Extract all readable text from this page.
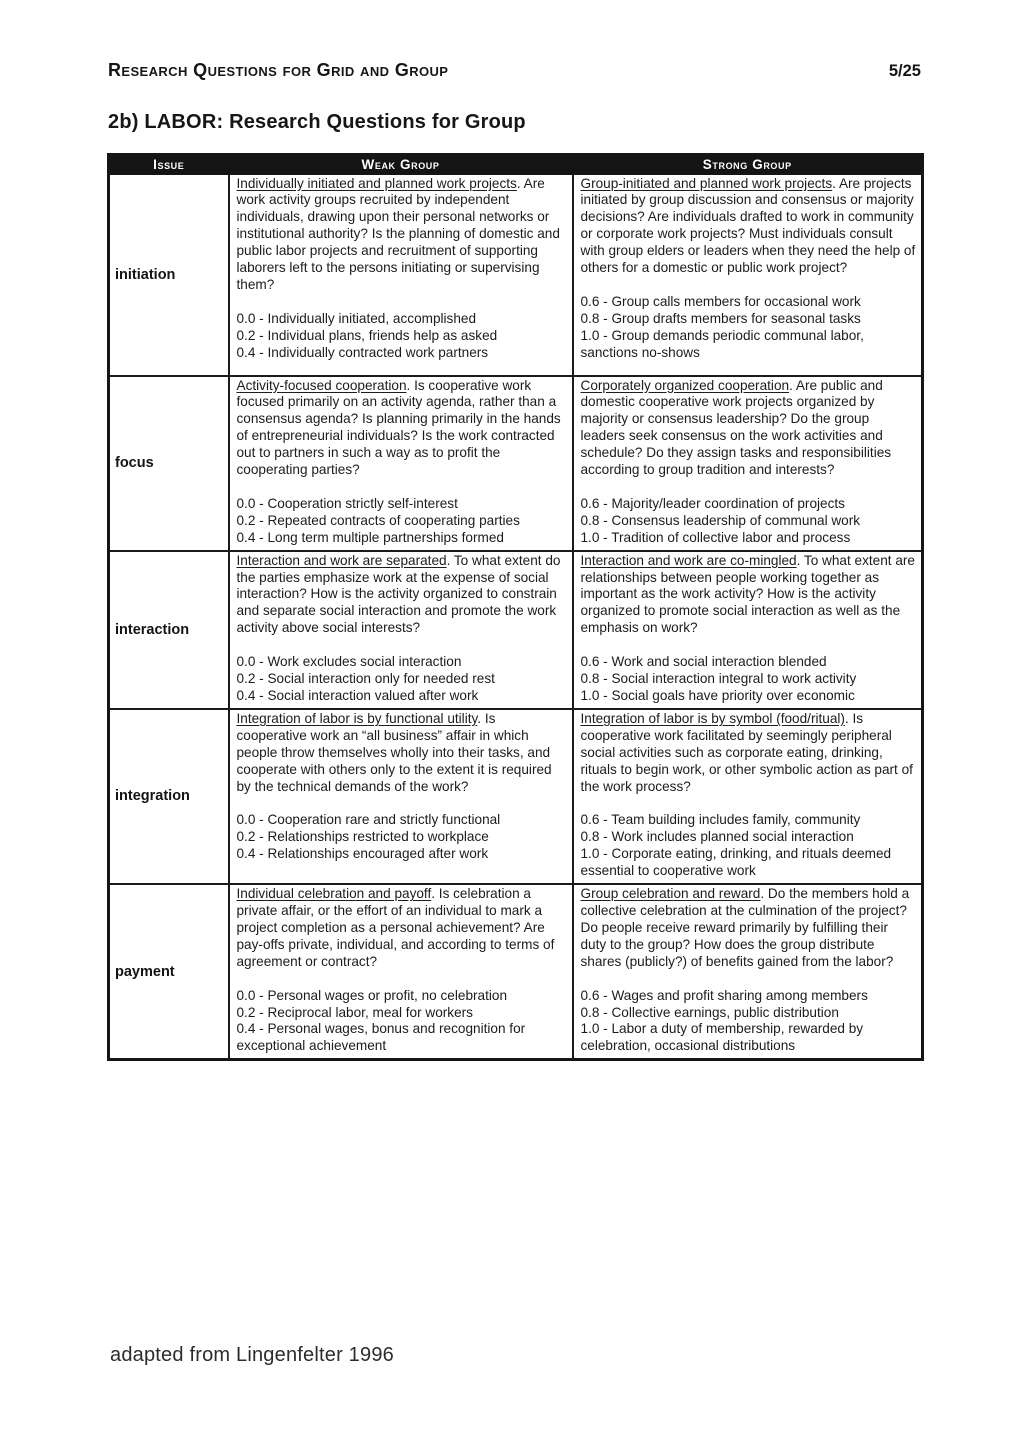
Research Questions for Grid and Group	5/25
2b) LABOR: Research Questions for Group
Issue	Weak Group	Strong Group
initiation	
Individually initiated and planned work projects. Are work activity groups recruited by independent individuals, drawing upon their personal networks or institutional authority? Is the planning of domestic and public labor projects and recruitment of supporting laborers left to the persons initiating or supervising them?
0.0 - Individually initiated, accomplished
0.2 - Individual plans, friends help as asked
0.4 - Individually contracted work partners

Group-initiated and planned work projects. Are projects initiated by group discussion and consensus or majority decisions? Are individuals drafted to work in community or corporate work projects? Must individuals consult with group elders or leaders when they need the help of others for a domestic or public work project?
0.6 - Group calls members for occasional work
0.8 - Group drafts members for seasonal tasks
1.0 - Group demands periodic communal labor, sanctions no-shows

focus	
Activity-focused cooperation. Is cooperative work focused primarily on an activity agenda, rather than a consensus agenda? Is planning primarily in the hands of entrepreneurial individuals? Is the work contracted out to partners in such a way as to profit the cooperating parties?
0.0 - Cooperation strictly self-interest
0.2 - Repeated contracts of cooperating parties
0.4 - Long term multiple partnerships formed

Corporately organized cooperation. Are public and domestic cooperative work projects organized by majority or consensus leadership? Do the group leaders seek consensus on the work activities and schedule? Do they assign tasks and responsibilities according to group tradition and interests?
0.6 - Majority/leader coordination of projects
0.8 - Consensus leadership of communal work
1.0 - Tradition of collective labor and process

interaction	
Interaction and work are separated. To what extent do the parties emphasize work at the expense of social interaction? How is the activity organized to constrain and separate social interaction and promote the work activity above social interests?
0.0 - Work excludes social interaction
0.2 - Social interaction only for needed rest
0.4 - Social interaction valued after work

Interaction and work are co-mingled. To what extent are relationships between people working together as important as the work activity? How is the activity organized to promote social interaction as well as the emphasis on work?
0.6 - Work and social interaction blended
0.8 - Social interaction integral to work activity
1.0 - Social goals have priority over economic

integration	
Integration of labor is by functional utility. Is cooperative work an “all business” affair in which people throw themselves wholly into their tasks, and cooperate with others only to the extent it is required by the technical demands of the work?
0.0 - Cooperation rare and strictly functional
0.2 - Relationships restricted to workplace
0.4 - Relationships encouraged after work

Integration of labor is by symbol (food/ritual). Is cooperative work facilitated by seemingly peripheral social activities such as corporate eating, drinking, rituals to begin work, or other symbolic action as part of the work process?
0.6 - Team building includes family, community
0.8 - Work includes planned social interaction
1.0 - Corporate eating, drinking, and rituals deemed essential to cooperative work

payment	
Individual celebration and payoff. Is celebration a private affair, or the effort of an individual to mark a project completion as a personal achievement? Are pay-offs private, individual, and according to terms of agreement or contract?
0.0 - Personal wages or profit, no celebration
0.2 - Reciprocal labor, meal for workers
0.4 - Personal wages, bonus and recognition for exceptional achievement

Group celebration and reward. Do the members hold a collective celebration at the culmination of the project? Do people receive reward primarily by fulfilling their duty to the group? How does the group distribute shares (publicly?) of benefits gained from the labor?
0.6 - Wages and profit sharing among members
0.8 - Collective earnings, public distribution
1.0 - Labor a duty of membership, rewarded by celebration, occasional distributions
adapted from Lingenfelter 1996
